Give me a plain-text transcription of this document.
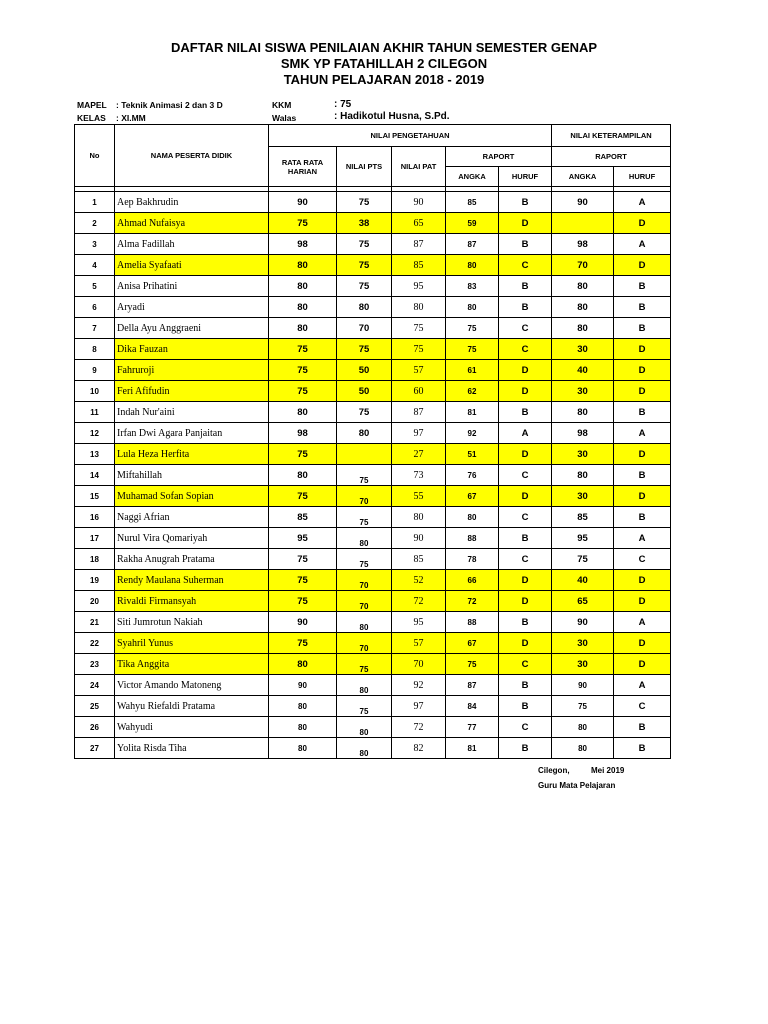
DAFTAR NILAI SISWA PENILAIAN AKHIR TAHUN SEMESTER GENAP
SMK YP FATAHILLAH 2 CILEGON
TAHUN PELAJARAN 2018 - 2019
MAPEL : Teknik Animasi 2 dan 3 D
KELAS : XI.MM
KKM	: 75
Walas	: Hadikotul Husna, S.Pd.
No	NAMA PESERTA DIDIK	NILAI PENGETAHUAN					NILAI KETERAMPILAN	
		RATA RATA
HARIAN	NILAI PTS	NILAI PAT	RAPORT		RAPORT	
					ANGKA	HURUF	ANGKA	HURUF

1	Aep Bakhrudin	90	75	90	85	B	90	A
2	Ahmad Nufaisya	75	38	65	59	D		D
3	Alma Fadillah	98	75	87	87	B	98	A
4	Amelia Syafaati	80	75	85	80	C	70	D
5	Anisa Prihatini	80	75	95	83	B	80	B
6	Aryadi	80	80	80	80	B	80	B
7	Della Ayu Anggraeni	80	70	75	75	C	80	B
8	Dika Fauzan	75	75	75	75	C	30	D
9	Fahruroji	75	50	57	61	D	40	D
10	Feri Afifudin	75	50	60	62	D	30	D
11	Indah Nur'aini	80	75	87	81	B	80	B
12	Irfan Dwi Agara Panjaitan	98	80	97	92	A	98	A
13	Lula Heza Herfita	75		27	51	D	30	D
14	Miftahillah	80	75	73	76	C	80	B
15	Muhamad Sofan Sopian	75	70	55	67	D	30	D
16	Naggi Afrian	85	75	80	80	C	85	B
17	Nurul Vira Qomariyah	95	80	90	88	B	95	A
18	Rakha Anugrah Pratama	75	75	85	78	C	75	C
19	Rendy Maulana Suherman	75	70	52	66	D	40	D
20	Rivaldi Firmansyah	75	70	72	72	D	65	D
21	Siti Jumrotun Nakiah	90	80	95	88	B	90	A
22	Syahril Yunus	75	70	57	67	D	30	D
23	Tika Anggita	80	75	70	75	C	30	D
24	Victor Amando Matoneng	90	80	92	87	B	90	A
25	Wahyu Riefaldi Pratama	80	75	97	84	B	75	C
26	Wahyudi	80	80	72	77	C	80	B
27	Yolita Risda Tiha	80	80	82	81	B	80	B
Cilegon,	Mei 2019
Guru Mata Pelajaran
